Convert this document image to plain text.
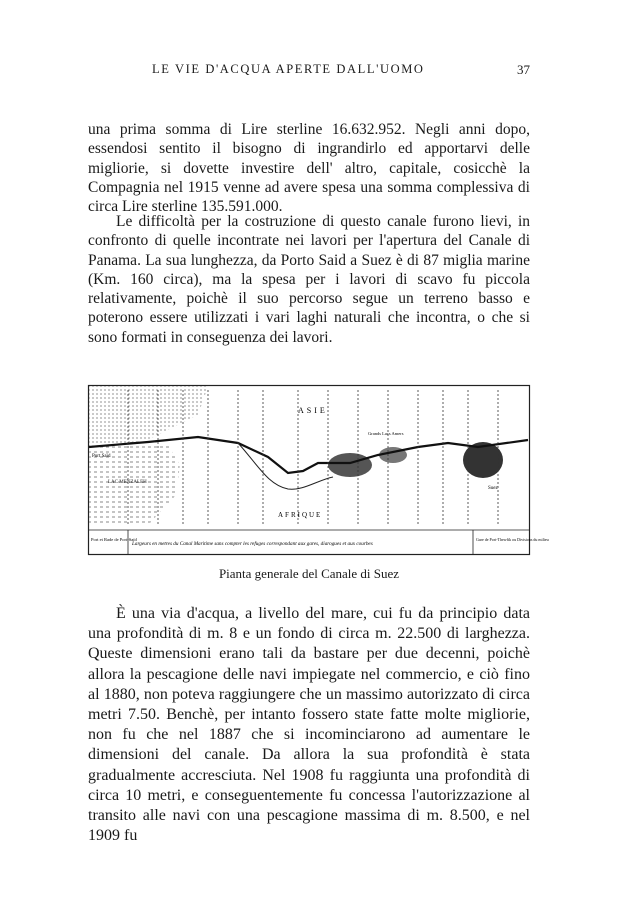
LE VIE D'ACQUA APERTE DALL'UOMO	37

una prima somma di Lire sterline 16.632.952. Negli anni dopo, essendosi sentito il bisogno di ingrandirlo ed apportarvi delle migliorie, si dovette investire dell' altro, capitale, cosicchè la Compagnia nel 1915 venne ad avere spesa una somma complessiva di circa Lire sterline 135.591.000.

Le difficoltà per la costruzione di questo canale furono lievi, in confronto di quelle incontrate nei lavori per l'apertura del Canale di Panama. La sua lunghezza, da Porto Said a Suez è di 87 miglia marine (Km. 160 circa), ma la spesa per i lavori di scavo fu piccola relativamente, poichè il suo percorso segue un terreno basso e poterono essere utilizzati i vari laghi naturali che incontra, o che si sono formati in conseguenza dei lavori.

ASIE
AFRIQUE
LAC MENZALEH
Grands Lacs Amers
Port Saïd
Suez
Port et Rade de Port-Saïd
Largeurs en metres du Canal Maritime sans compter les refuges correspondant aux gares, diarogues et aux courbes
Gare de Port-Thewfik ou Divisions du milieu
Pianta generale del Canale di Suez

È una via d'acqua, a livello del mare, cui fu da principio data una profondità di m. 8 e un fondo di circa m. 22.500 di larghezza. Queste dimensioni erano tali da bastare per due decenni, poichè allora la pescagione delle navi impiegate nel commercio, e ciò fino al 1880, non poteva raggiungere che un massimo autorizzato di circa metri 7.50. Benchè, per intanto fossero state fatte molte migliorie, non fu che nel 1887 che si incominciarono ad aumentare le dimensioni del canale. Da allora la sua profondità è stata gradualmente accresciuta. Nel 1908 fu raggiunta una profondità di circa 10 metri, e conseguentemente fu concessa l'autorizzazione al transito alle navi con una pescagione massima di m. 8.500, e nel 1909 fu
